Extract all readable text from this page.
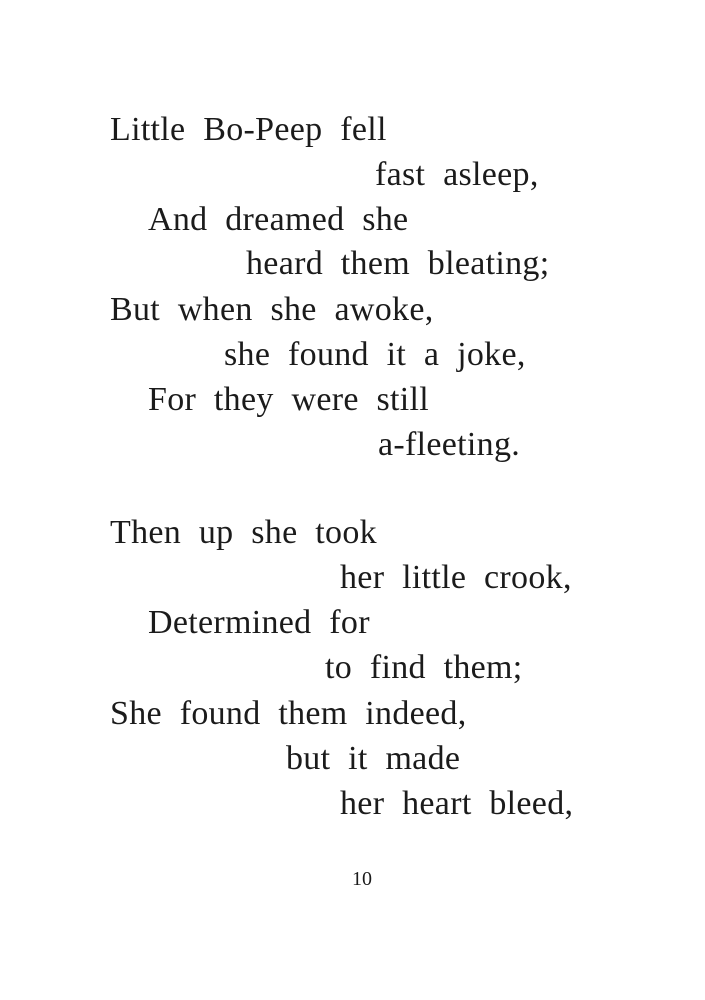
Little Bo-Peep fell
fast asleep,
And dreamed she
heard them bleating;
But when she awoke,
she found it a joke,
For they were still
a-fleeting.
Then up she took
her little crook,
Determined for
to find them;
She found them indeed,
but it made
her heart bleed,
10
